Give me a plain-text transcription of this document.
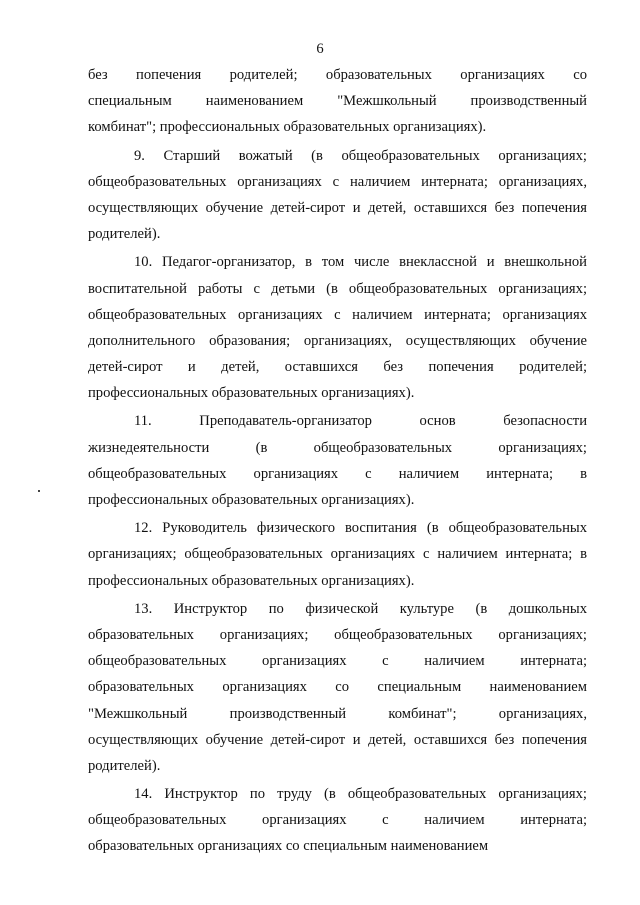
6
без попечения родителей; образовательных организациях со
специальным наименованием "Межшкольный производственный
комбинат"; профессиональных образовательных организациях).
9. Старший вожатый (в общеобразовательных организациях;
общеобразовательных организациях с наличием интерната; организациях,
осуществляющих обучение детей-сирот и детей, оставшихся без попечения
родителей).
10. Педагог-организатор, в том числе внеклассной и внешкольной
воспитательной работы с детьми (в общеобразовательных организациях;
общеобразовательных организациях с наличием интерната; организациях
дополнительного образования; организациях, осуществляющих обучение
детей-сирот и детей, оставшихся без попечения родителей;
профессиональных образовательных организациях).
11. Преподаватель-организатор основ безопасности
жизнедеятельности (в общеобразовательных организациях;
общеобразовательных организациях с наличием интерната; в
профессиональных образовательных организациях).
12. Руководитель физического воспитания (в общеобразовательных
организациях; общеобразовательных организациях с наличием интерната; в
профессиональных образовательных организациях).
13. Инструктор по физической культуре (в дошкольных
образовательных организациях; общеобразовательных организациях;
общеобразовательных организациях с наличием интерната;
образовательных организациях со специальным наименованием
"Межшкольный производственный комбинат"; организациях,
осуществляющих обучение детей-сирот и детей, оставшихся без попечения
родителей).
14. Инструктор по труду (в общеобразовательных организациях;
общеобразовательных организациях с наличием интерната;
образовательных организациях со специальным наименованием
